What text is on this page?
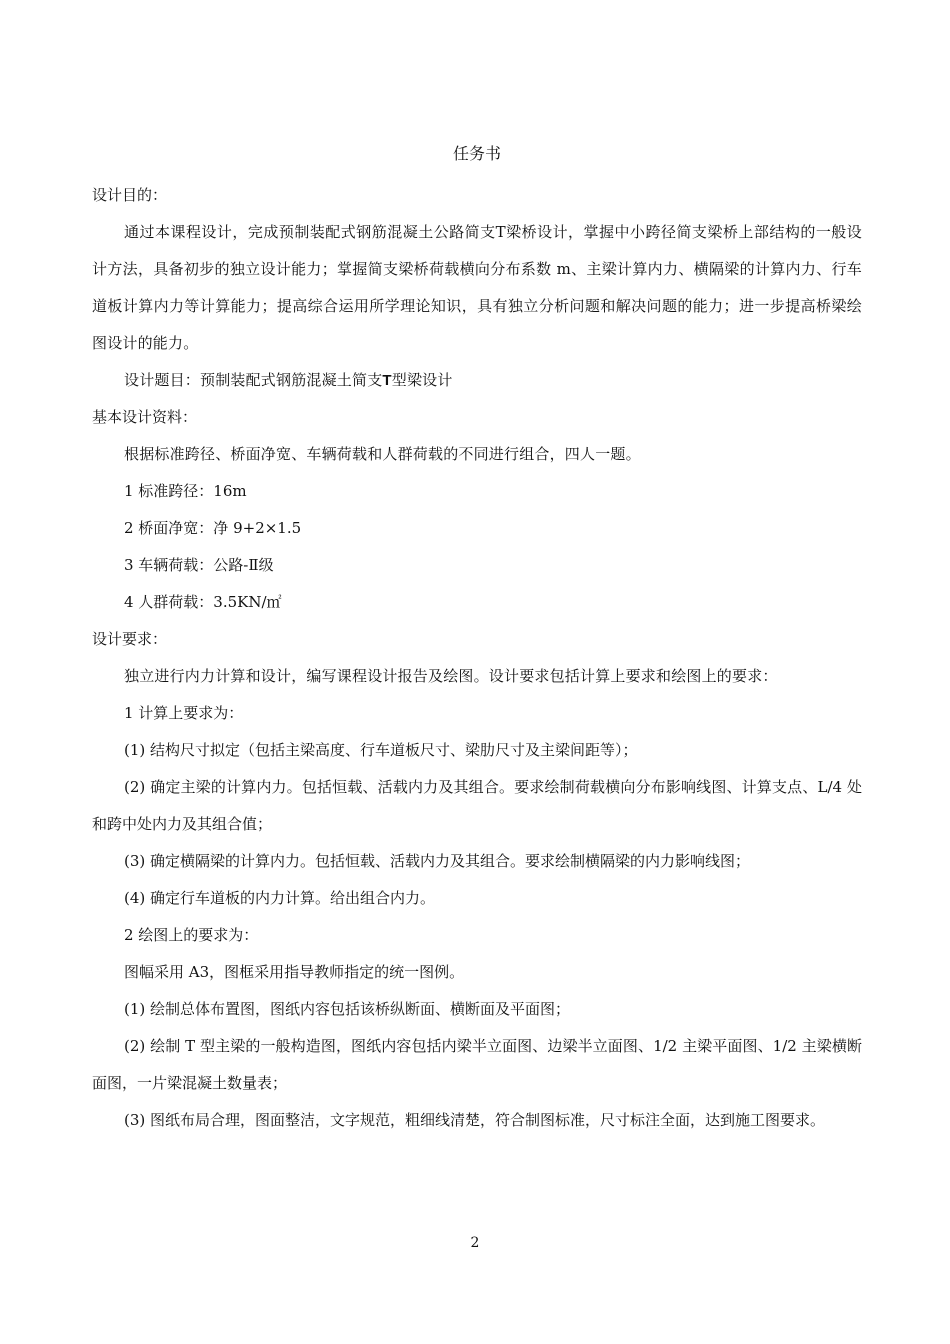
任务书

设计目的：

通过本课程设计，完成预制装配式钢筋混凝土公路简支T梁桥设计，掌握中小跨径简支梁桥上部结构的一般设计方法，具备初步的独立设计能力；掌握简支梁桥荷载横向分布系数 m、主梁计算内力、横隔梁的计算内力、行车道板计算内力等计算能力；提高综合运用所学理论知识，具有独立分析问题和解决问题的能力；进一步提高桥梁绘图设计的能力。

设计题目：预制装配式钢筋混凝土简支T型梁设计

基本设计资料：

根据标准跨径、桥面净宽、车辆荷载和人群荷载的不同进行组合，四人一题。

1 标准跨径：16m

2 桥面净宽：净 9+2×1.5

3 车辆荷载：公路-Ⅱ级

4 人群荷载：3.5KN/㎡

设计要求：

独立进行内力计算和设计，编写课程设计报告及绘图。设计要求包括计算上要求和绘图上的要求：

1 计算上要求为：

(1) 结构尺寸拟定（包括主梁高度、行车道板尺寸、梁肋尺寸及主梁间距等）；

(2) 确定主梁的计算内力。包括恒载、活载内力及其组合。要求绘制荷载横向分布影响线图、计算支点、L/4 处和跨中处内力及其组合值；

(3) 确定横隔梁的计算内力。包括恒载、活载内力及其组合。要求绘制横隔梁的内力影响线图；

(4) 确定行车道板的内力计算。给出组合内力。

2 绘图上的要求为：

图幅采用 A3，图框采用指导教师指定的统一图例。

(1) 绘制总体布置图，图纸内容包括该桥纵断面、横断面及平面图；

(2) 绘制 T 型主梁的一般构造图，图纸内容包括内梁半立面图、边梁半立面图、1/2 主梁平面图、1/2 主梁横断面图，一片梁混凝土数量表；

(3) 图纸布局合理，图面整洁，文字规范，粗细线清楚，符合制图标准，尺寸标注全面，达到施工图要求。

2
